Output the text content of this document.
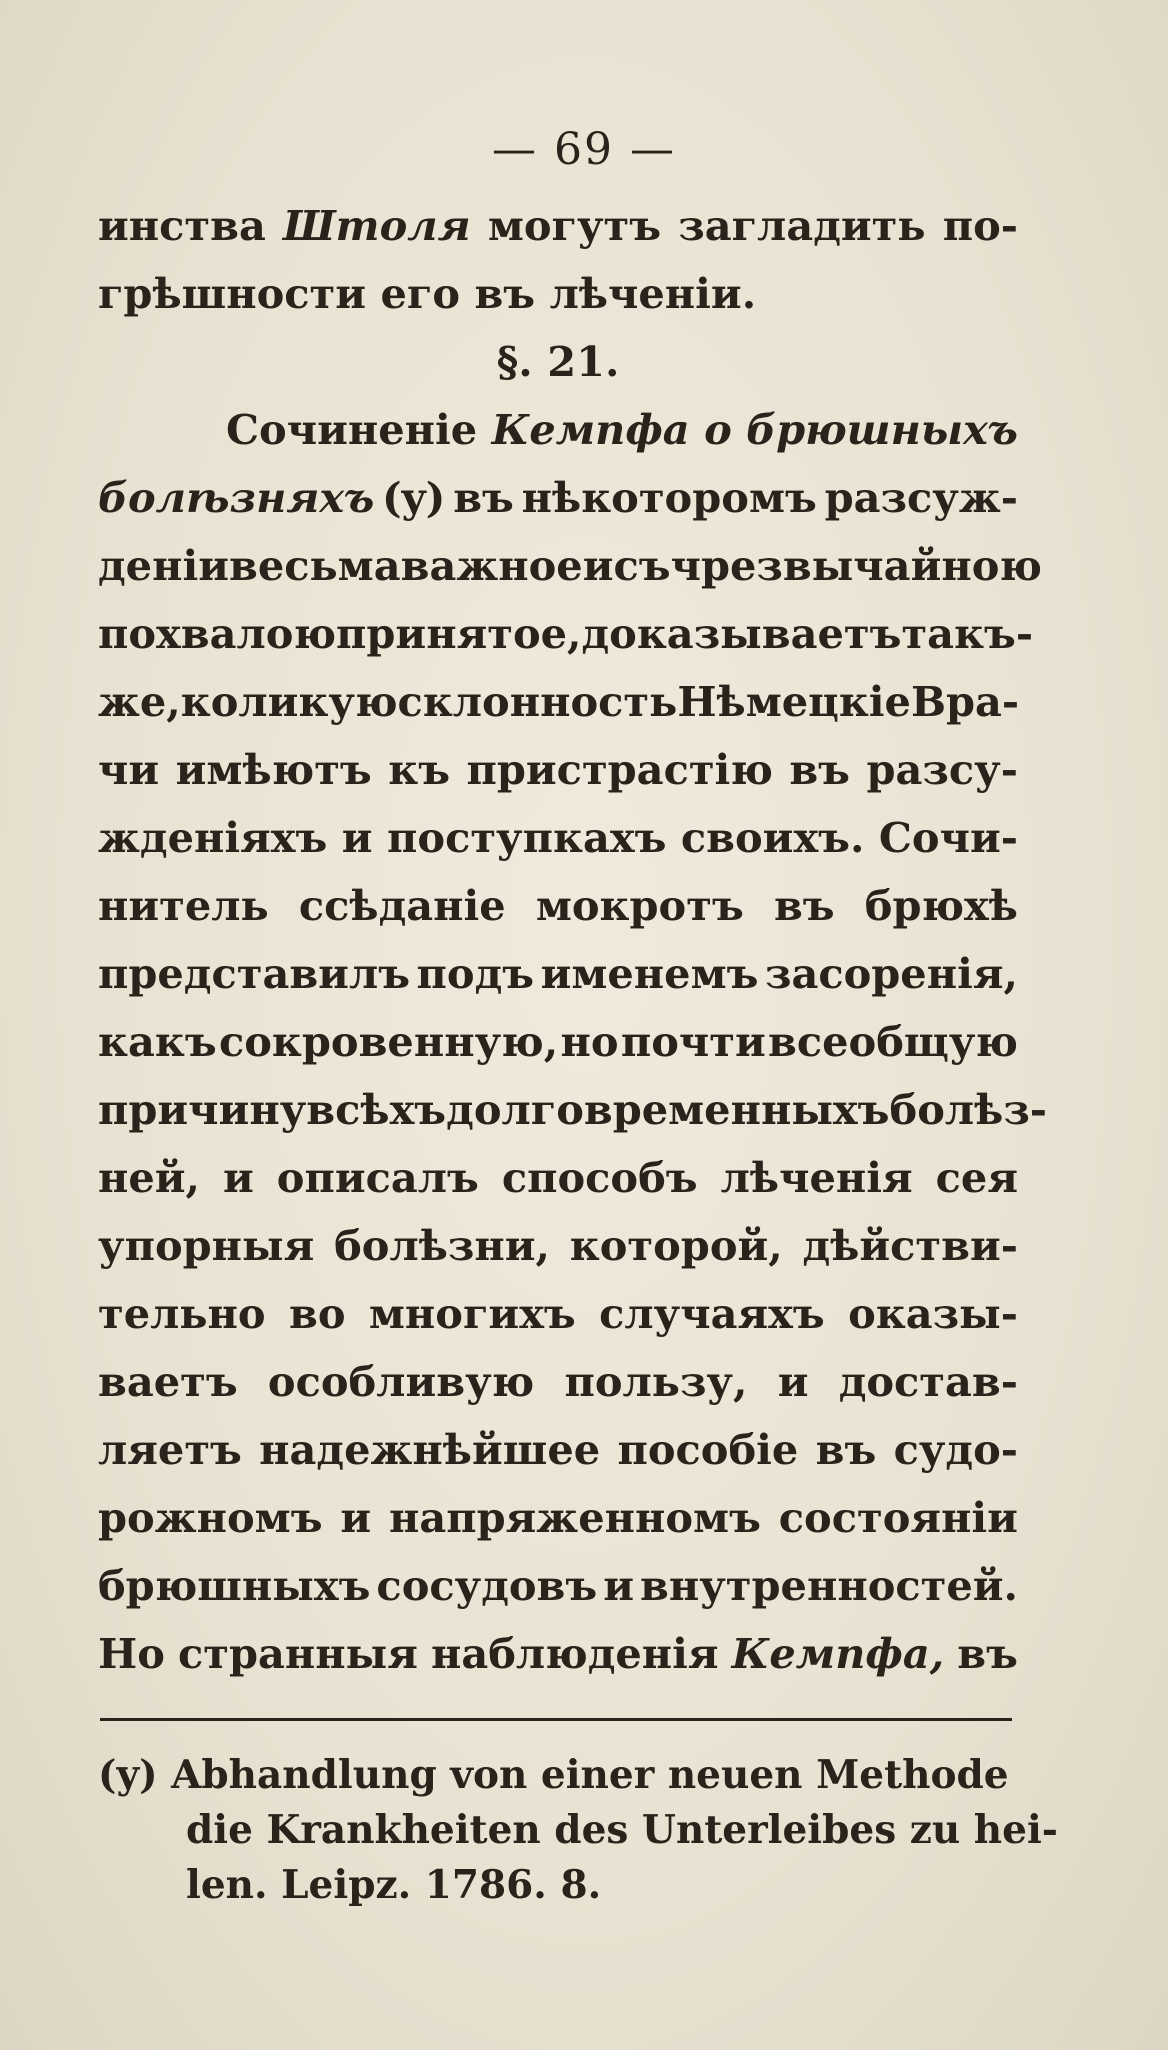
— 69 —
инства Штоля могутъ загладить по-
грѣшности его въ лѣченіи.
§. 21.
Сочиненіе Кемпфа о брюшныхъ
болѣзняхъ (y) въ нѣкоторомъ разсуж-
деніи весьма важное и съ чрезвычайною
похвалою принятое, доказываетъ такъ-
же, коликую склонность Нѣмецкіе Вра-
чи имѣютъ къ пристрастію въ разсу-
жденіяхъ и поступкахъ своихъ. Сочи-
нитель ссѣданіе мокротъ въ брюхѣ
представилъ подъ именемъ засоренія,
какъ сокровенную, но почти всеобщую
причину всѣхъ долговременныхъ болѣз-
ней, и описалъ способъ лѣченія сея
упорныя болѣзни, которой, дѣйстви-
тельно во многихъ случаяхъ оказы-
ваетъ особливую пользу, и достав-
ляетъ надежнѣйшее пособіе въ судо-
рожномъ и напряженномъ состояніи
брюшныхъ сосудовъ и внутренностей.
Но странныя наблюденія Кемпфа, въ
(y) Abhandlung von einer neuen Methode
die Krankheiten des Unterleibes zu hei-
len. Leipz. 1786. 8.
